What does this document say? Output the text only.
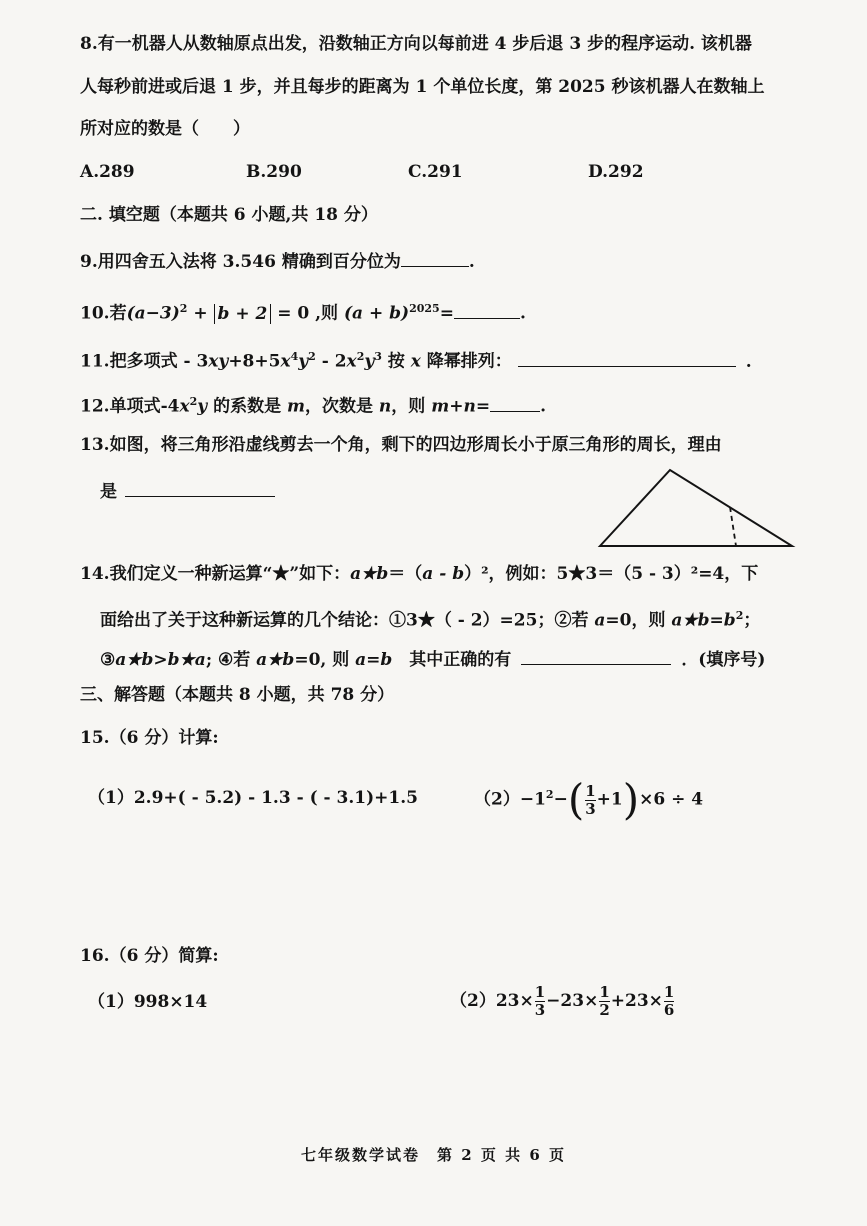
8.有一机器人从数轴原点出发，沿数轴正方向以每前进 4 步后退 3 步的程序运动. 该机器
人每秒前进或后退 1 步，并且每步的距离为 1 个单位长度，第 2025 秒该机器人在数轴上
所对应的数是（　　）
A.289	B.290	C.291	D.292
二. 填空题（本题共 6 小题,共 18 分）
9.用四舍五入法将 3.546 精确到百分位为	.
10.若$(a-3)^2 + b + 2 = 0$ ,则 $(a + b)^{2025}=$	.
11.把多项式 - $3xy+8+5x^4y^2 - 2x^2y^3$ 按 x 降幂排列：	.
12.单项式$-4x^2y$ 的系数是 m，次数是 n，则 m+n=	.
13.如图，将三角形沿虚线剪去一个角，剩下的四边形周长小于原三角形的周长，理由
是
14.我们定义一种新运算“★”如下：a★b＝（a - b）²，例如：5★3＝（5 - 3）²=4，下
面给出了关于这种新运算的几个结论：①3★（ - 2）=25；②若 a=0，则 $a★b=b^2$；
③a★b>b★a; ④若 a★b=0, 则 a=b　其中正确的有	．(填序号)
三、解答题（本题共 8 小题，共 78 分）
15.（6 分）计算:
（1）2.9+( - 5.2) - 1.3 - ( - 3.1)+1.5	$(2)-1^2-( \frac{1}{3} +1)\times 6 \div 4$
16.（6 分）简算:
（1）998×14	$(2)23\times \frac{1}{3} -23\times \frac{1}{2} +23\times \frac{1}{6}$
七年级数学试卷　第 2 页 共 6 页
